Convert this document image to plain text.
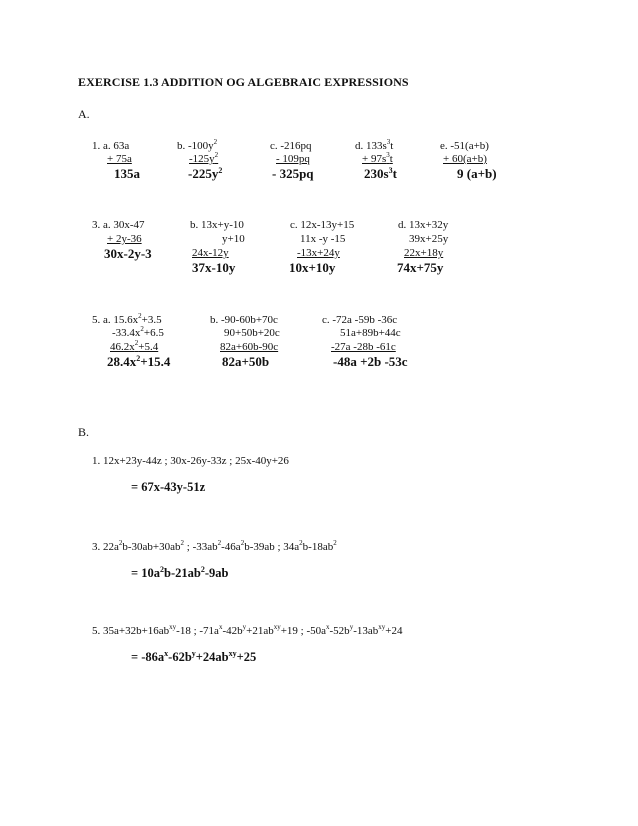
EXERCISE 1.3 ADDITION OG ALGEBRAIC EXPRESSIONS
A.
1. a. 63a
+ 75a
135a
b. $-100y^2$
$-125y^2$
$-225y^2$
c. -216pq
- 109pq
- 325pq
d. $133s^3t$
+ $97s^3t$
$230s^3t$
e. -51(a+b)
+ 60(a+b)
9 (a+b)
3. a. 30x-47
+ 2y-36
30x-2y-3
b. 13x+y-10
y+10
24x-12y
37x-10y
c. 12x-13y+15
11x -y -15
-13x+24y
10x+10y
d. 13x+32y
39x+25y
22x+18y
74x+75y
5. a. $15.6x^2+3.5$
$-33.4x^2+6.5$
$46.2x^2+5.4$
$28.4x^2+15.4$
b. -90-60b+70c
90+50b+20c
82a+60b-90c
82a+50b
c. -72a -59b -36c
51a+89b+44c
-27a -28b -61c
-48a +2b -53c
B.
1. 12x+23y-44z ; 30x-26y-33z ; 25x-40y+26
= 67x-43y-51z
3. $22a^2b-30ab+30ab^2$ ; $-33ab^2-46a^2b-39ab$ ; $34a^2b-18ab^2$
= $10a^2b-21ab^2-9ab$
5. $35a+32b+16ab^{xy}-18$ ; $-71a^x-42b^y+21ab^{xy}+19$ ; $-50a^x-52b^y-13ab^{xy}+24$
= $-86a^x-62b^y+24ab^{xy}+25$
